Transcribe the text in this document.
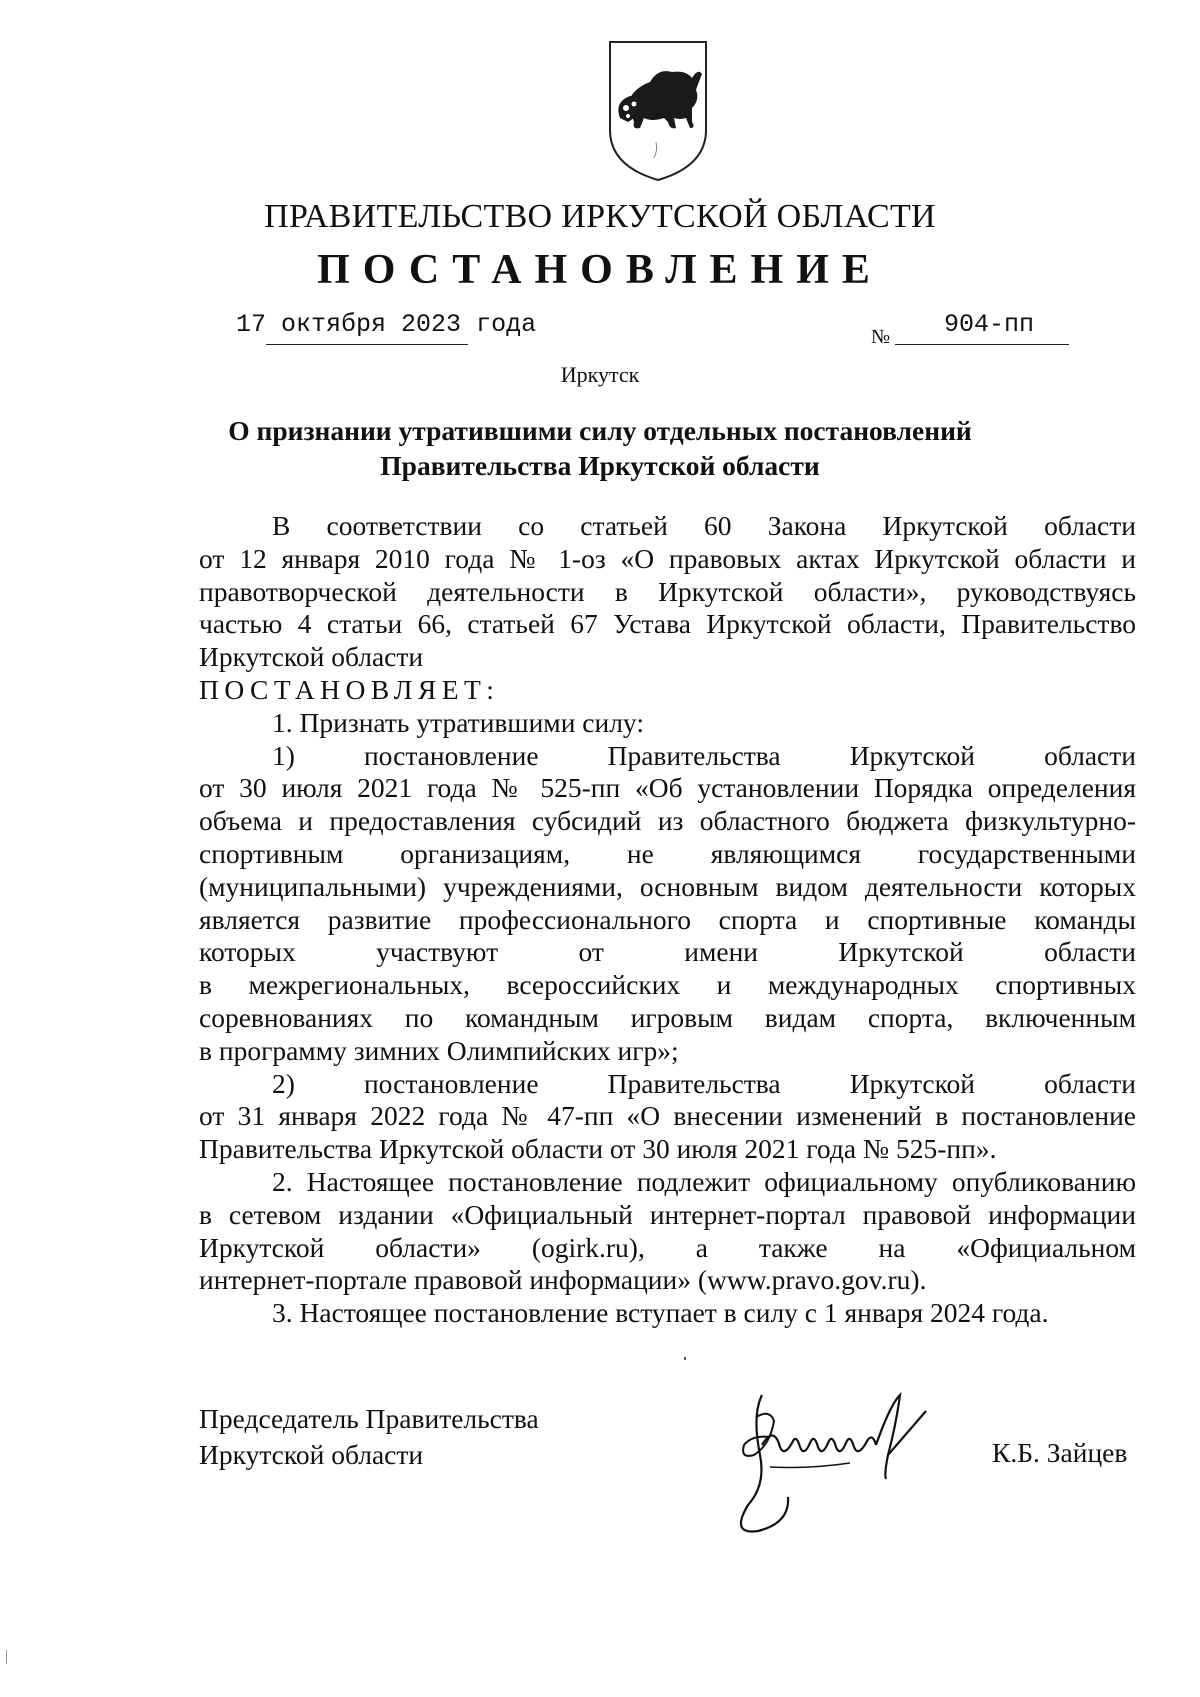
ПРАВИТЕЛЬСТВО ИРКУТСКОЙ ОБЛАСТИ
ПОСТАНОВЛЕНИЕ
17 октября 2023 года	№ 904-пп
Иркутск
О признании утратившими силу отдельных постановлений
Правительства Иркутской области

В соответствии со статьей 60 Закона Иркутской области

от 12 января 2010 года № 1-оз «О правовых актах Иркутской области и

правотворческой деятельности в Иркутской области», руководствуясь

частью 4 статьи 66, статьей 67 Устава Иркутской области, Правительство

Иркутской области

ПОСТАНОВЛЯЕТ:

1. Признать утратившими силу:

1) постановление Правительства Иркутской области

от 30 июля 2021 года № 525-пп «Об установлении Порядка определения

объема и предоставления субсидий из областного бюджета физкультурно-

спортивным организациям, не являющимся государственными

(муниципальными) учреждениями, основным видом деятельности которых

является развитие профессионального спорта и спортивные команды

которых участвуют от имени Иркутской области

в межрегиональных, всероссийских и международных спортивных

соревнованиях по командным игровым видам спорта, включенным

в программу зимних Олимпийских игр»;

2) постановление Правительства Иркутской области

от 31 января 2022 года № 47-пп «О внесении изменений в постановление

Правительства Иркутской области от 30 июля 2021 года № 525-пп».

2. Настоящее постановление подлежит официальному опубликованию

в сетевом издании «Официальный интернет-портал правовой информации

Иркутской области» (ogirk.ru), а также на «Официальном

интернет-портале правовой информации» (www.pravo.gov.ru).

3. Настоящее постановление вступает в силу с 1 января 2024 года.

Председатель Правительства
Иркутской области	К.Б. Зайцев
